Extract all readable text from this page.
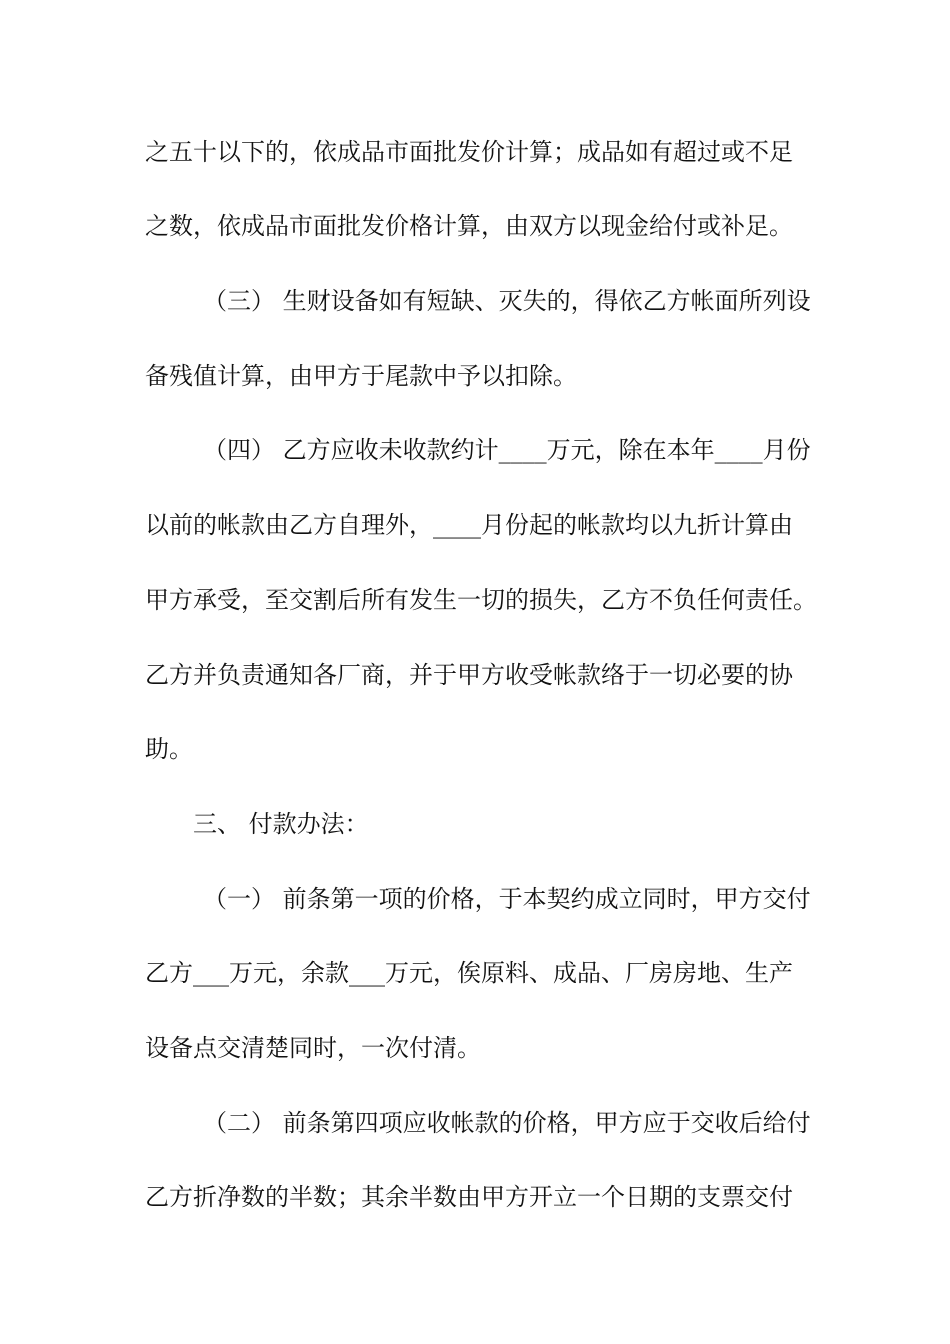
之五十以下的，依成品市面批发价计算；成品如有超过或不足
之数，依成品市面批发价格计算，由双方以现金给付或补足。
（三） 生财设备如有短缺、灭失的，得依乙方帐面所列设
备残值计算，由甲方于尾款中予以扣除。
（四） 乙方应收未收款约计____万元，除在本年____月份
以前的帐款由乙方自理外，____月份起的帐款均以九折计算由
甲方承受，至交割后所有发生一切的损失，乙方不负任何责任。
乙方并负责通知各厂商，并于甲方收受帐款络于一切必要的协
助。
三、 付款办法：
（一） 前条第一项的价格，于本契约成立同时，甲方交付
乙方___万元，余款___万元，俟原料、成品、厂房房地、生产
设备点交清楚同时，一次付清。
（二） 前条第四项应收帐款的价格，甲方应于交收后给付
乙方折净数的半数；其余半数由甲方开立一个日期的支票交付
